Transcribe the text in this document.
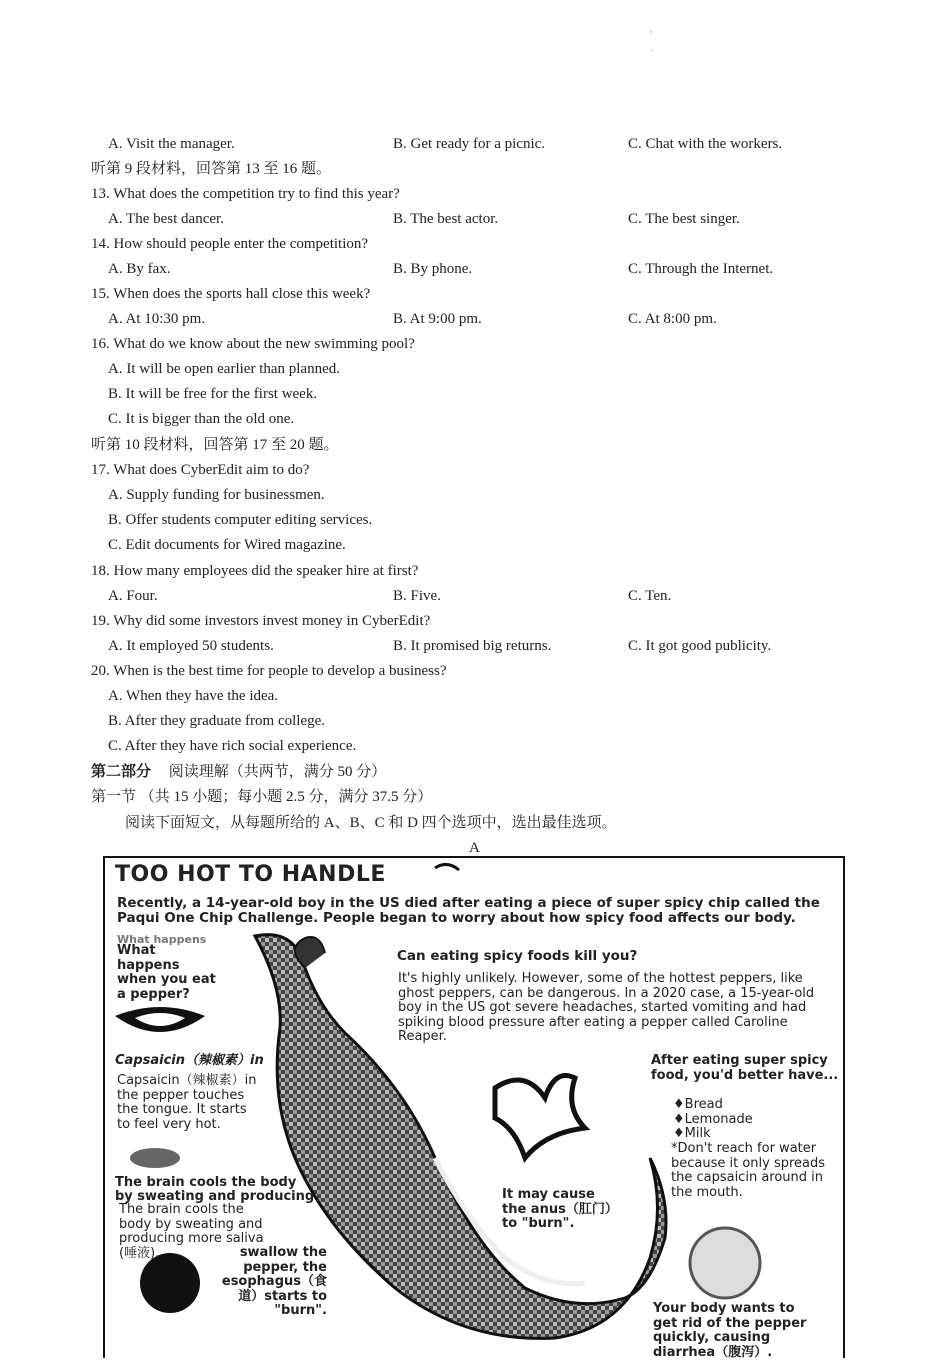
'
·
A. Visit the manager.	B. Get ready for a picnic.	C. Chat with the workers.
听第 9 段材料，回答第 13 至 16 题。
13. What does the competition try to find this year?
A. The best dancer.	B. The best actor.	C. The best singer.
14. How should people enter the competition?
A. By fax.	B. By phone.	C. Through the Internet.
15. When does the sports hall close this week?
A. At 10:30 pm.	B. At 9:00 pm.	C. At 8:00 pm.
16. What do we know about the new swimming pool?
A. It will be open earlier than planned.
B. It will be free for the first week.
C. It is bigger than the old one.
听第 10 段材料，回答第 17 至 20 题。
17. What does CyberEdit aim to do?
A. Supply funding for businessmen.
B. Offer students computer editing services.
C. Edit documents for Wired magazine.
18. How many employees did the speaker hire at first?
A. Four.	B. Five.	C. Ten.
19. Why did some investors invest money in CyberEdit?
A. It employed 50 students.	B. It promised big returns.	C. It got good publicity.
20. When is the best time for people to develop a business?
A. When they have the idea.
B. After they graduate from college.
C. After they have rich social experience.
第二部分 阅读理解（共两节，满分 50 分）
第一节 （共 15 小题；每小题 2.5 分，满分 37.5 分）
阅读下面短文，从每题所给的 A、B、C 和 D 四个选项中，选出最佳选项。
A
TOO HOT TO HANDLE
Recently, a 14-year-old boy in the US died after eating a piece of super spicy chip called the Paqui One Chip Challenge. People began to worry about how spicy food affects our body.
What happens
What happens when you eat a pepper?
Capsaicin（辣椒素）in
Capsaicin（辣椒素）in the pepper touches the tongue. It starts to feel very hot.
The brain cools the body
by sweating and producing
The brain cools the body by sweating and producing more saliva (唾液).	swallow the pepper, the esophagus（食道）starts to "burn".
Can eating spicy foods kill you?
It's highly unlikely. However, some of the hottest peppers, like ghost peppers, can be dangerous. In a 2020 case, a 15-year-old boy in the US got severe headaches, started vomiting and had spiking blood pressure after eating a pepper called Caroline Reaper.
After eating super spicy food, you'd better have...
♦Bread
♦Lemonade
♦Milk
*Don't reach for water because it only spreads the capsaicin around in the mouth.
It may cause the anus（肛门）to "burn".
Your body wants to get rid of the pepper quickly, causing diarrhea（腹泻）.
